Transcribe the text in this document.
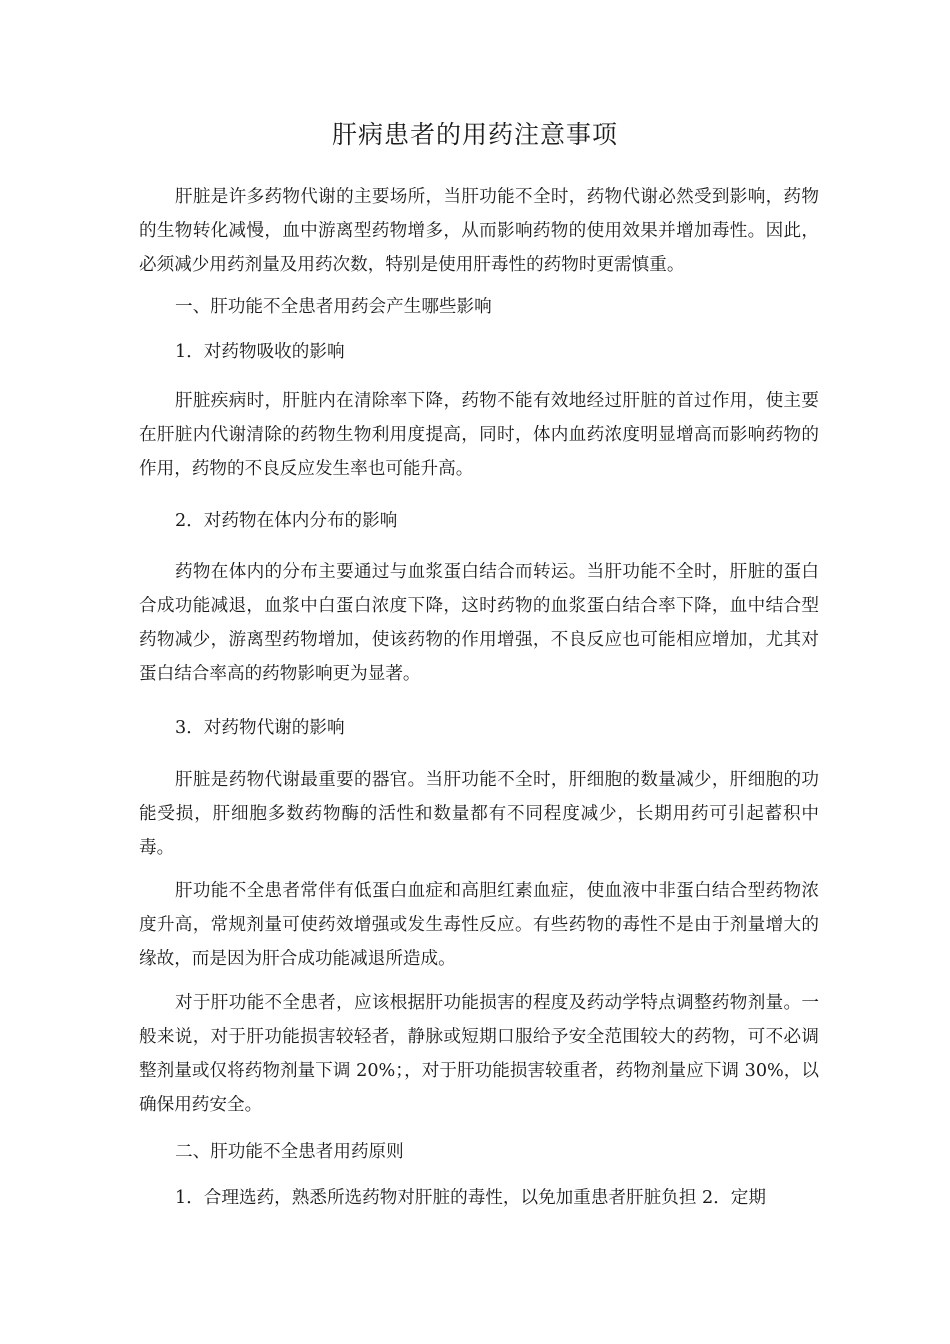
肝病患者的用药注意事项

肝脏是许多药物代谢的主要场所，当肝功能不全时，药物代谢必然受到影响，药物的生物转化减慢，血中游离型药物增多，从而影响药物的使用效果并增加毒性。因此，必须减少用药剂量及用药次数，特别是使用肝毒性的药物时更需慎重。

一、肝功能不全患者用药会产生哪些影响

1．对药物吸收的影响

肝脏疾病时，肝脏内在清除率下降，药物不能有效地经过肝脏的首过作用，使主要在肝脏内代谢清除的药物生物利用度提高，同时，体内血药浓度明显增高而影响药物的作用，药物的不良反应发生率也可能升高。

2．对药物在体内分布的影响

药物在体内的分布主要通过与血浆蛋白结合而转运。当肝功能不全时，肝脏的蛋白合成功能减退，血浆中白蛋白浓度下降，这时药物的血浆蛋白结合率下降，血中结合型药物减少，游离型药物增加，使该药物的作用增强，不良反应也可能相应增加，尤其对蛋白结合率高的药物影响更为显著。

3．对药物代谢的影响

肝脏是药物代谢最重要的器官。当肝功能不全时，肝细胞的数量减少，肝细胞的功能受损，肝细胞多数药物酶的活性和数量都有不同程度减少，长期用药可引起蓄积中毒。

肝功能不全患者常伴有低蛋白血症和高胆红素血症，使血液中非蛋白结合型药物浓度升高，常规剂量可使药效增强或发生毒性反应。有些药物的毒性不是由于剂量增大的缘故，而是因为肝合成功能减退所造成。

对于肝功能不全患者，应该根据肝功能损害的程度及药动学特点调整药物剂量。一般来说，对于肝功能损害较轻者，静脉或短期口服给予安全范围较大的药物，可不必调整剂量或仅将药物剂量下调 20%；，对于肝功能损害较重者，药物剂量应下调 30%，以确保用药安全。

二、肝功能不全患者用药原则

1．合理选药，熟悉所选药物对肝脏的毒性，以免加重患者肝脏负担 2．定期
